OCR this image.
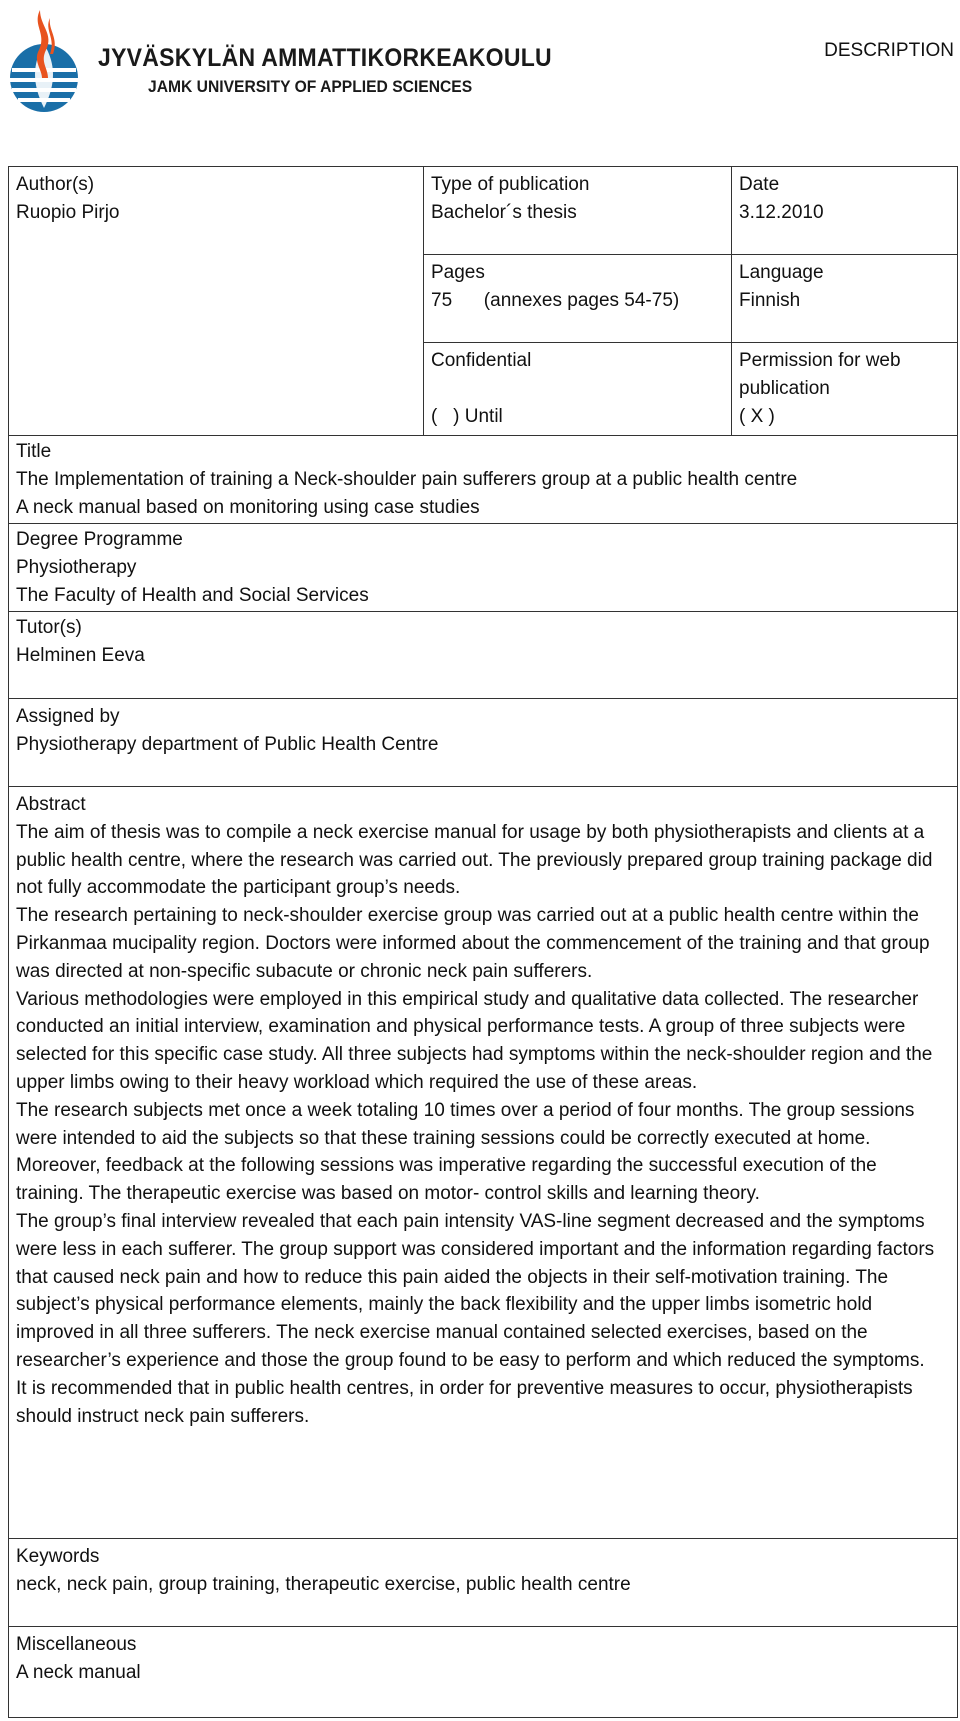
JYVÄSKYLÄN AMMATTIKORKEAKOULU
JAMK UNIVERSITY OF APPLIED SCIENCES
DESCRIPTION
Author(s)
Ruopio Pirjo
Type of publication
Bachelor´s thesis
Date
3.12.2010
Pages
75      (annexes pages 54-75)
Language
Finnish
Confidential
(   ) Until
Permission for web
publication
( X )
Title
The Implementation of training a Neck-shoulder pain sufferers group at a public health centre
A neck manual based on monitoring using case studies
Degree Programme
Physiotherapy
The Faculty of Health and Social Services
Tutor(s)
Helminen Eeva
Assigned by
Physiotherapy department of Public Health Centre
Abstract
The aim of thesis was to compile a neck exercise manual for usage by both physiotherapists and clients at a public health centre, where the research was carried out. The previously prepared group training package did not fully accommodate the participant group’s needs.
The research pertaining to neck-shoulder exercise group was carried out at a public health centre within the Pirkanmaa mucipality region. Doctors were informed about the commencement of the training and that group was directed at non-specific subacute or chronic neck pain sufferers.
Various methodologies were employed in this empirical study and qualitative data collected. The researcher conducted an initial interview, examination and physical performance tests. A group of three subjects were selected for this specific case study. All three subjects had symptoms within the neck-shoulder region and the upper limbs owing to their heavy workload which required the use of these areas.
The research subjects met once a week totaling 10 times over a period of four months. The group sessions were intended to aid the subjects so that these training sessions could be correctly executed at home. Moreover, feedback at the following sessions was imperative regarding the successful execution of the training. The therapeutic exercise was based on motor- control skills and learning theory.
The group’s final interview revealed that each pain intensity VAS-line segment decreased and the symptoms were less in each sufferer. The group support was considered important and the information regarding factors that caused neck pain and how to reduce this pain aided the objects in their self-motivation training. The subject’s physical performance elements, mainly the back flexibility and the upper limbs isometric hold improved in all three sufferers. The neck exercise manual contained selected exercises, based on the researcher’s experience and those the group found to be easy to perform and which reduced the symptoms.
It is recommended that in public health centres, in order for preventive measures to occur, physiotherapists should instruct neck pain sufferers.
Keywords
neck, neck pain, group training, therapeutic exercise, public health centre
Miscellaneous
A neck manual
